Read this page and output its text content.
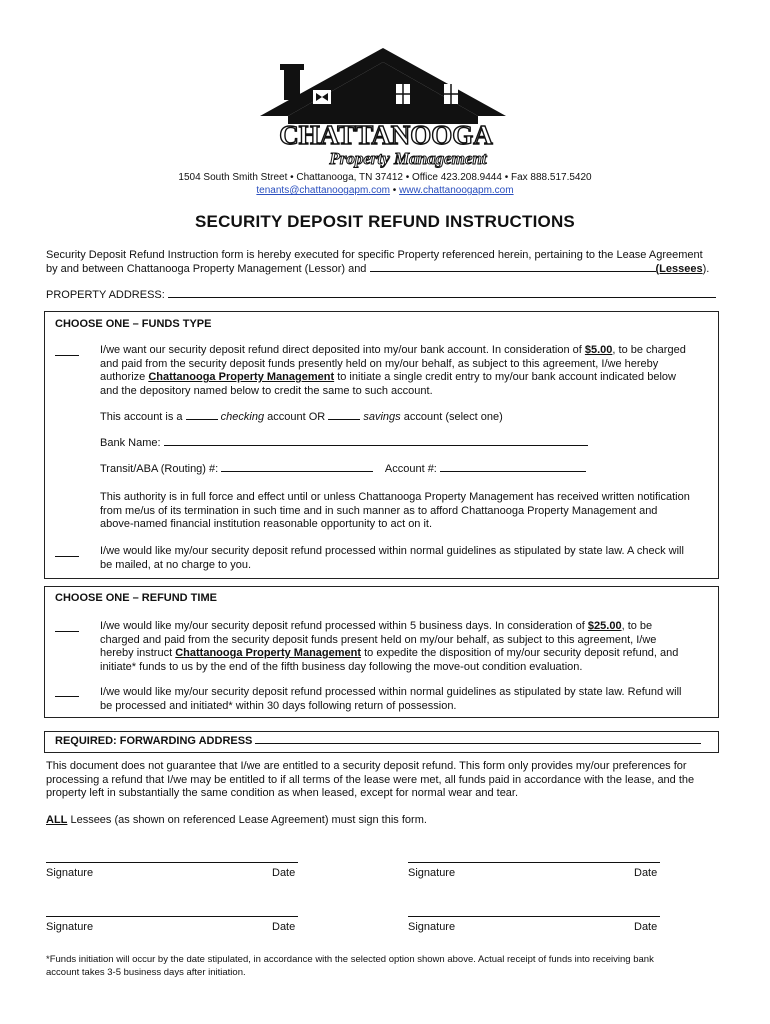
CHATTANOOGA
Property Management
1504 South Smith Street • Chattanooga, TN 37412 • Office 423.208.9444 • Fax 888.517.5420
tenants@chattanoogapm.com • www.chattanoogapm.com
SECURITY DEPOSIT REFUND INSTRUCTIONS
Security Deposit Refund Instruction form is hereby executed for specific Property referenced herein, pertaining to the Lease Agreement
by and between Chattanooga Property Management (Lessor) and	(Lessees).
PROPERTY ADDRESS:
CHOOSE ONE – FUNDS TYPE
I/we want our security deposit refund direct deposited into my/our bank account. In consideration of $5.00, to be charged
and paid from the security deposit funds presently held on my/our behalf, as subject to this agreement, I/we hereby
authorize Chattanooga Property Management to initiate a single credit entry to my/our bank account indicated below
and the depository named below to credit the same to such account.
This account is a	checking account OR	savings account (select one)
Bank Name:
Transit/ABA (Routing) #:	Account #:
This authority is in full force and effect until or unless Chattanooga Property Management has received written notification
from me/us of its termination in such time and in such manner as to afford Chattanooga Property Management and
above-named financial institution reasonable opportunity to act on it.
I/we would like my/our security deposit refund processed within normal guidelines as stipulated by state law. A check will
be mailed, at no charge to you.
CHOOSE ONE – REFUND TIME
I/we would like my/our security deposit refund processed within 5 business days. In consideration of $25.00, to be
charged and paid from the security deposit funds present held on my/our behalf, as subject to this agreement, I/we
hereby instruct Chattanooga Property Management to expedite the disposition of my/our security deposit refund, and
initiate* funds to us by the end of the fifth business day following the move-out condition evaluation.
I/we would like my/our security deposit refund processed within normal guidelines as stipulated by state law. Refund will
be processed and initiated* within 30 days following return of possession.
REQUIRED: FORWARDING ADDRESS
This document does not guarantee that I/we are entitled to a security deposit refund. This form only provides my/our preferences for
processing a refund that I/we may be entitled to if all terms of the lease were met, all funds paid in accordance with the lease, and the
property left in substantially the same condition as when leased, except for normal wear and tear.
ALL Lessees (as shown on referenced Lease Agreement) must sign this form.
Signature	Date	Signature	Date
Signature	Date	Signature	Date
*Funds initiation will occur by the date stipulated, in accordance with the selected option shown above. Actual receipt of funds into receiving bank
account takes 3-5 business days after initiation.
